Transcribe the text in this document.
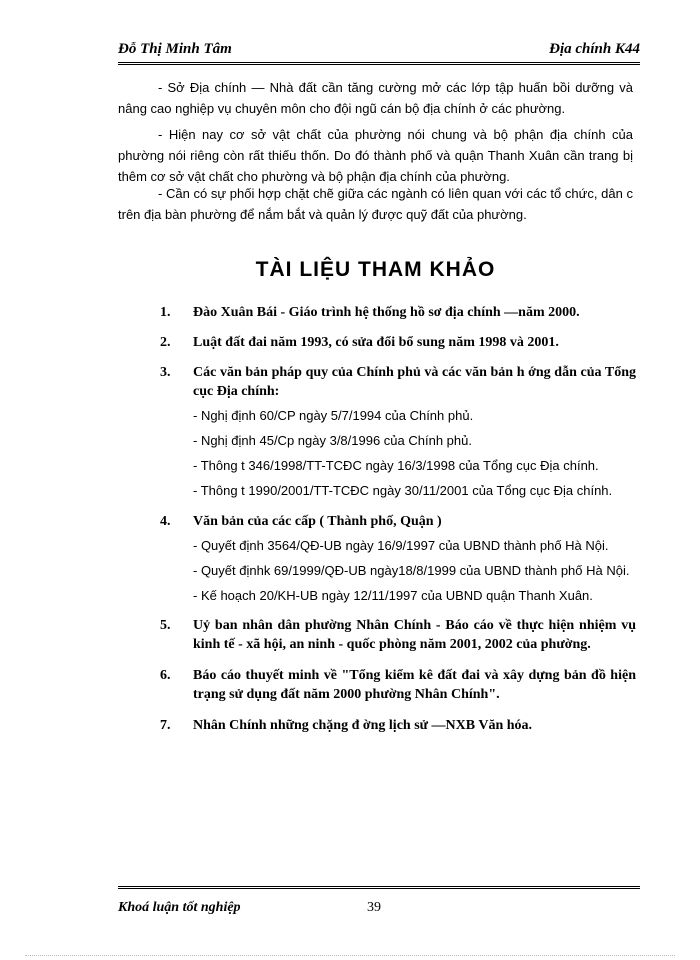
Đỗ Thị Minh Tâm	Địa chính K44
- Sở Địa chính — Nhà đất cần tăng cường mở các lớp tập huấn bồi dưỡng và nâng cao nghiệp vụ chuyên môn cho đội ngũ cán bộ địa chính ở các phường.
- Hiện nay cơ sở vật chất của phường nói chung và bộ phận địa chính của phường nói riêng còn rất thiếu thốn. Do đó thành phố và quận Thanh Xuân cần trang bị thêm cơ sở vật chất cho phường và bộ phận địa chính của phường.
- Cần có sự phối hợp chặt chẽ giữa các ngành có liên quan với các tổ chức, dân c trên địa bàn phường để nắm bắt và quản lý được quỹ đất của phường.
TÀI LIỆU THAM KHẢO
1. Đào Xuân Bái - Giáo trình hệ thống hồ sơ địa chính —năm 2000.
2. Luật đất đai năm 1993, có sửa đổi bổ sung năm 1998 và 2001.
3. Các văn bản pháp quy của Chính phủ và các văn bản h ớng dẫn của Tổng cục Địa chính:
- Nghị định 60/CP ngày 5/7/1994 của Chính phủ.
- Nghị định 45/Cp ngày 3/8/1996 của Chính phủ.
- Thông t 346/1998/TT-TCĐC ngày 16/3/1998 của Tổng cục Địa chính.
- Thông t 1990/2001/TT-TCĐC ngày 30/11/2001 của Tổng cục Địa chính.
4. Văn bản của các cấp ( Thành phố, Quận )
- Quyết định 3564/QĐ-UB ngày 16/9/1997 của UBND thành phố Hà Nội.
- Quyết địnhk 69/1999/QĐ-UB ngày18/8/1999 của UBND thành phố Hà Nội.
- Kế hoạch 20/KH-UB ngày 12/11/1997 của UBND quận Thanh Xuân.
5. Uỷ ban nhân dân phường Nhân Chính - Báo cáo về thực hiện nhiệm vụ kinh tế - xã hội, an ninh - quốc phòng năm 2001, 2002 của phường.
6. Báo cáo thuyết minh về "Tổng kiểm kê đất đai và xây dựng bản đồ hiện trạng sử dụng đất năm 2000 phường Nhân Chính".
7. Nhân Chính những chặng đ ờng lịch sử —NXB Văn hóa.
Khoá luận tốt nghiệp	39
